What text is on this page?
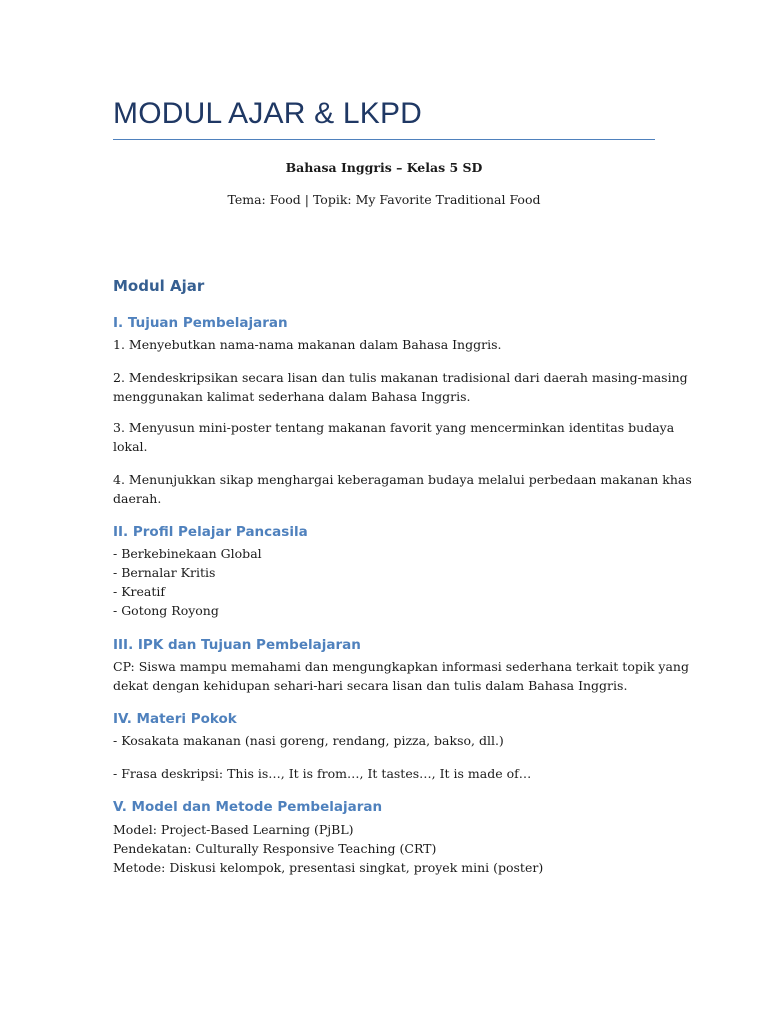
MODUL AJAR & LKPD
Bahasa Inggris – Kelas 5 SD
Tema: Food | Topik: My Favorite Traditional Food
Modul Ajar
I. Tujuan Pembelajaran

1. Menyebutkan nama-nama makanan dalam Bahasa Inggris.

2. Mendeskripsikan secara lisan dan tulis makanan tradisional dari daerah masing-masing
menggunakan kalimat sederhana dalam Bahasa Inggris.

3. Menyusun mini-poster tentang makanan favorit yang mencerminkan identitas budaya
lokal.

4. Menunjukkan sikap menghargai keberagaman budaya melalui perbedaan makanan khas
daerah.

II. Profil Pelajar Pancasila

- Berkebinekaan Global
- Bernalar Kritis
- Kreatif
- Gotong Royong

III. IPK dan Tujuan Pembelajaran

CP: Siswa mampu memahami dan mengungkapkan informasi sederhana terkait topik yang
dekat dengan kehidupan sehari-hari secara lisan dan tulis dalam Bahasa Inggris.

IV. Materi Pokok

- Kosakata makanan (nasi goreng, rendang, pizza, bakso, dll.)

- Frasa deskripsi: This is…, It is from…, It tastes…, It is made of…

V. Model dan Metode Pembelajaran

Model: Project-Based Learning (PjBL)
Pendekatan: Culturally Responsive Teaching (CRT)
Metode: Diskusi kelompok, presentasi singkat, proyek mini (poster)
